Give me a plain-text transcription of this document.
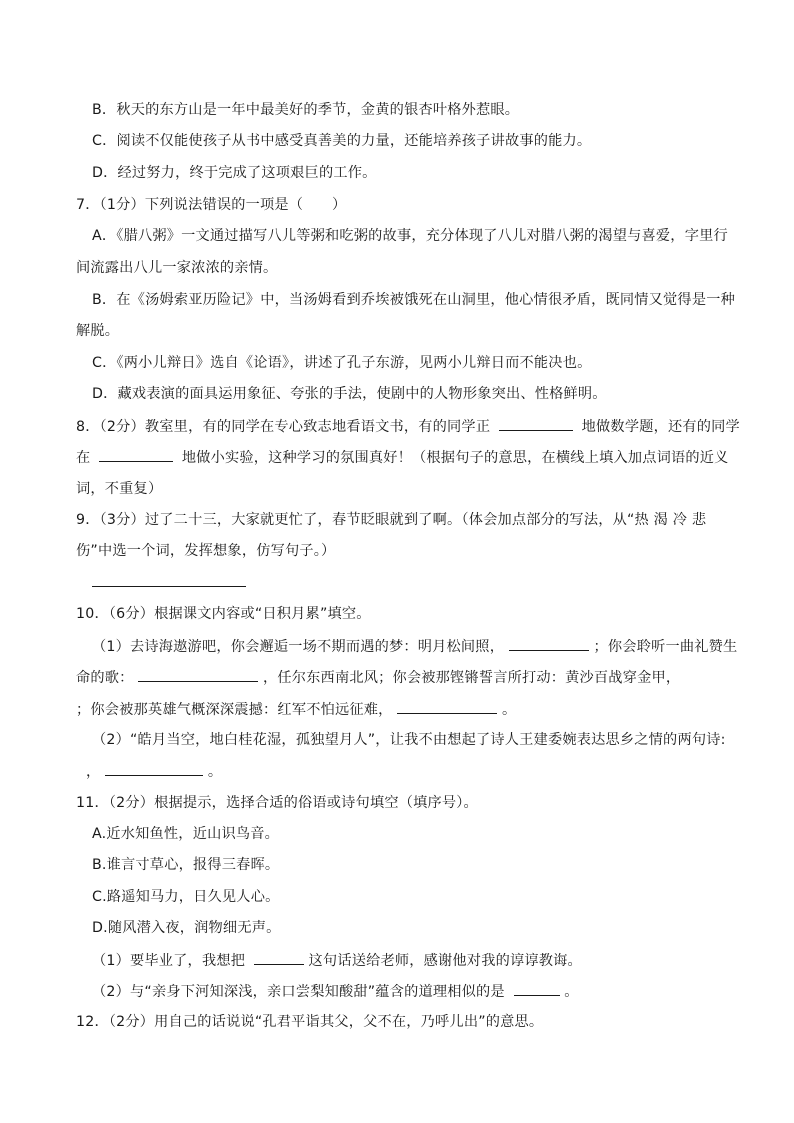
B．秋天的东方山是一年中最美好的季节，金黄的银杏叶格外惹眼。
C．阅读不仅能使孩子从书中感受真善美的力量，还能培养孩子讲故事的能力。
D．经过努力，终于完成了这项艰巨的工作。
7．（1分）下列说法错误的一项是（　　）
A．《腊八粥》一文通过描写八儿等粥和吃粥的故事，充分体现了八儿对腊八粥的渴望与喜爱，字里行
间流露出八儿一家浓浓的亲情。
B．在《汤姆索亚历险记》中，当汤姆看到乔埃被饿死在山洞里，他心情很矛盾，既同情又觉得是一种
解脱。
C．《两小儿辩日》选自《论语》，讲述了孔子东游，见两小儿辩日而不能决也。
D．藏戏表演的面具运用象征、夸张的手法，使剧中的人物形象突出、性格鲜明。
8．（2分）教室里，有的同学在专心致志地看语文书，有的同学正	地做数学题，还有的同学
在	地做小实验，这种学习的氛围真好！（根据句子的意思，在横线上填入加点词语的近义
词，不重复）
9．（3分）过了二十三，大家就更忙了，春节眨眼就到了啊。（体会加点部分的写法，从“热 渴 冷 悲
伤”中选一个词，发挥想象，仿写句子。）
10．（6分）根据课文内容或“日积月累”填空。
（1）去诗海遨游吧，你会邂逅一场不期而遇的梦：明月松间照，	；你会聆听一曲礼赞生
命的歌：	，任尔东西南北风；你会被那铿锵誓言所打动：黄沙百战穿金甲，
；你会被那英雄气概深深震撼：红军不怕远征难，	。
（2）“皓月当空，地白桂花湿，孤独望月人”，让我不由想起了诗人王建委婉表达思乡之情的两句诗:
，	。
11．（2分）根据提示，选择合适的俗语或诗句填空（填序号）。
A.近水知鱼性，近山识鸟音。
B.谁言寸草心，报得三春晖。
C.路遥知马力，日久见人心。
D.随风潜入夜，润物细无声。
（1）要毕业了，我想把	这句话送给老师，感谢他对我的谆谆教诲。
（2）与“亲身下河知深浅，亲口尝梨知酸甜”蕴含的道理相似的是	。
12．（2分）用自己的话说说“孔君平诣其父，父不在，乃呼儿出”的意思。
